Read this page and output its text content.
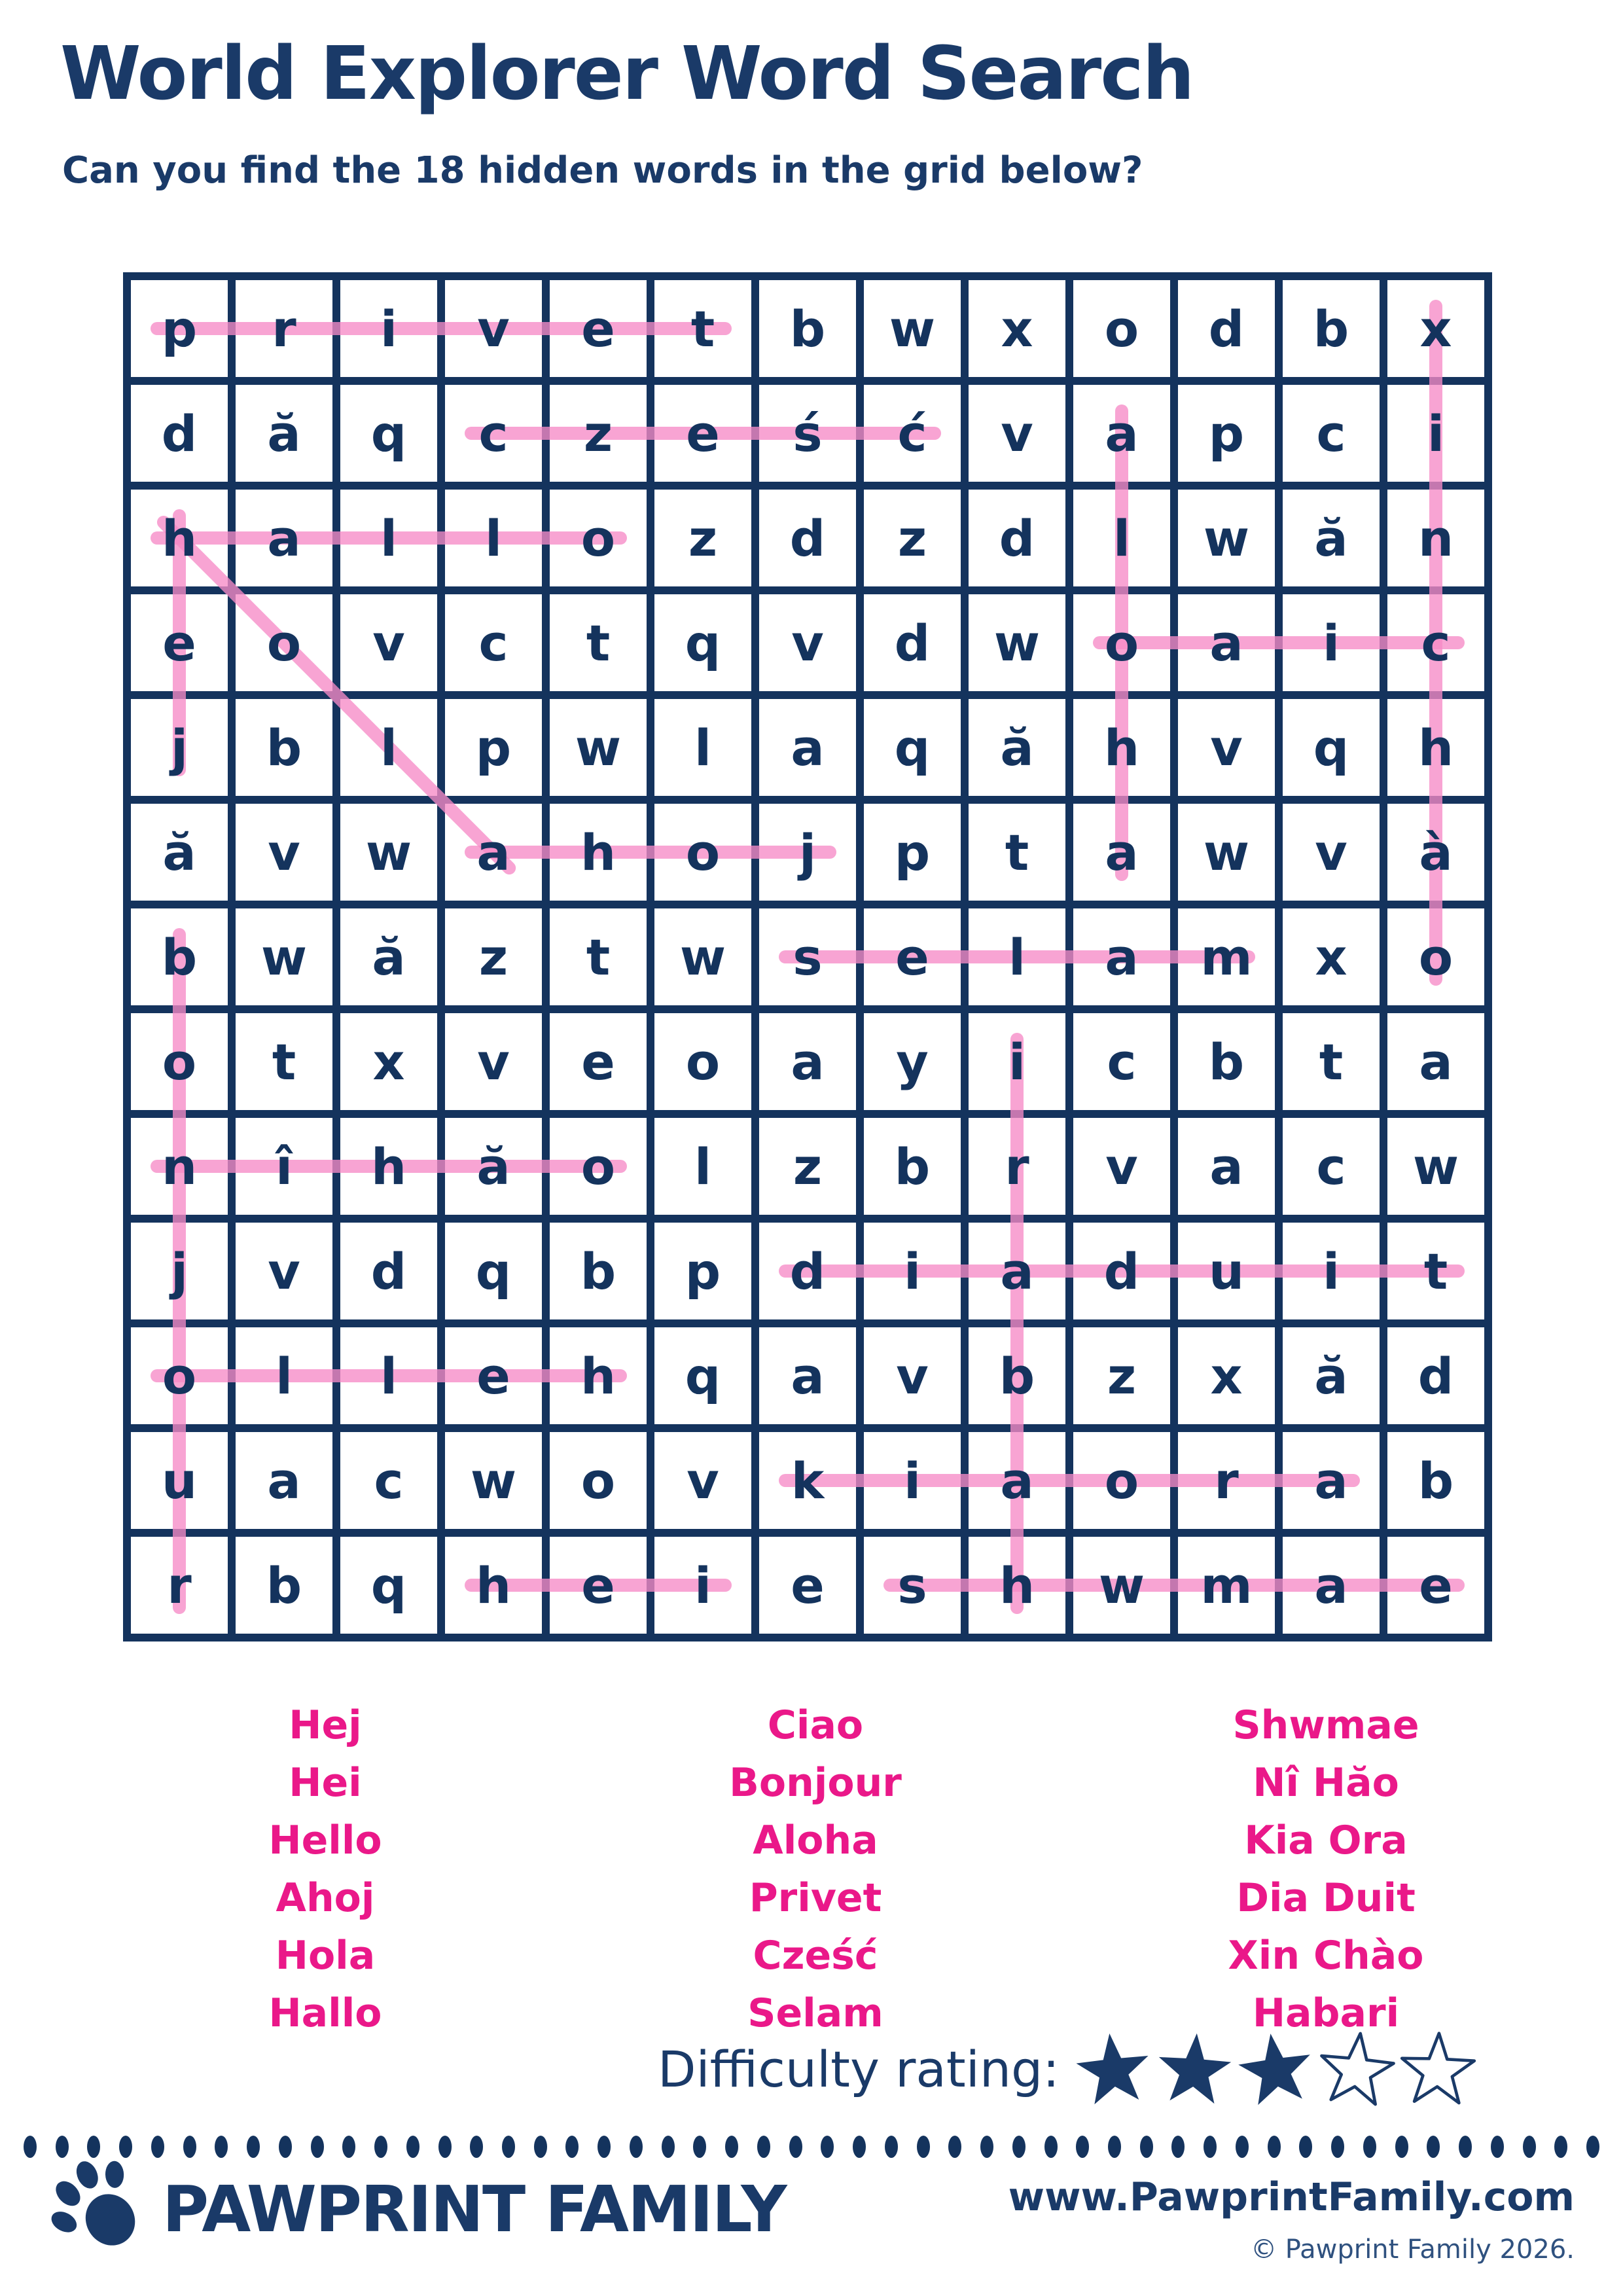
World Explorer Word Search
Can you find the 18 hidden words in the grid below?
p	r	i	v	e	t	b	w	x	o	d	b	x
d	ă	q	c	z	e	ś	ć	v	a	p	c	i
h	a	l	l	o	z	d	z	d	l	w	ă	n
e	o	v	c	t	q	v	d	w	o	a	i	c
j	b	l	p	w	l	a	q	ă	h	v	q	h
ă	v	w	a	h	o	j	p	t	a	w	v	à
b	w	ă	z	t	w	s	e	l	a	m	x	o
o	t	x	v	e	o	a	y	i	c	b	t	a
n	î	h	ă	o	l	z	b	r	v	a	c	w
j	v	d	q	b	p	d	i	a	d	u	i	t
o	l	l	e	h	q	a	v	b	z	x	ă	d
u	a	c	w	o	v	k	i	a	o	r	a	b
r	b	q	h	e	i	e	s	h	w	m	a	e
Hej
Hei
Hello
Ahoj
Hola
Hallo
Ciao
Bonjour
Aloha
Privet
Cześć
Selam
Shwmae
Nî Hăo
Kia Ora
Dia Duit
Xin Chào
Habari
Difficulty rating:
PAWPRINT FAMILY	www.PawprintFamily.com
© Pawprint Family 2026.
